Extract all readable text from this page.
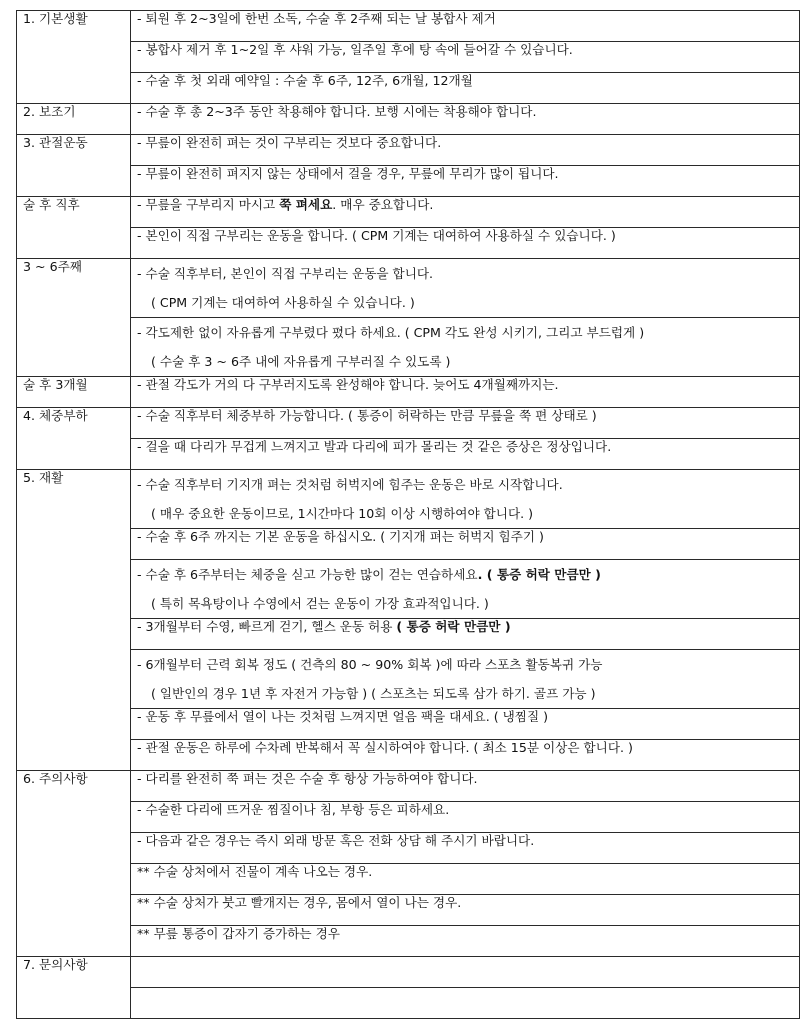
1. 기본생활	- 퇴원 후 2~3일에 한번 소독, 수술 후 2주째 되는 날 봉합사 제거
	- 봉합사 제거 후 1~2일 후 샤워 가능, 일주일 후에 탕 속에 들어갈 수 있습니다.
	- 수술 후 첫 외래 예약일 : 수술 후 6주, 12주, 6개월, 12개월
2. 보조기	- 수술 후 총 2~3주 동안 착용해야 합니다. 보행 시에는 착용해야 합니다.
3. 관절운동	- 무릎이 완전히 펴는 것이 구부리는 것보다 중요합니다.
	- 무릎이 완전히 펴지지 않는 상태에서 걸을 경우, 무릎에 무리가 많이 됩니다.
술 후 직후	- 무릎을 구부리지 마시고 쭉 펴세요. 매우 중요합니다.
	- 본인이 직접 구부리는 운동을 합니다. ( CPM 기계는 대여하여 사용하실 수 있습니다. )
3 ~ 6주째	- 수술 직후부터, 본인이 직접 구부리는 운동을 합니다.
( CPM 기계는 대여하여 사용하실 수 있습니다. )

	- 각도제한 없이 자유롭게 구부렸다 폈다 하세요. ( CPM 각도 완성 시키기, 그리고 부드럽게 )
( 수술 후 3 ~ 6주 내에 자유롭게 구부러질 수 있도록 )

술 후 3개월	- 관절 각도가 거의 다 구부러지도록 완성해야 합니다. 늦어도 4개월째까지는.
4. 체중부하	- 수술 직후부터 체중부하 가능합니다. ( 통증이 허락하는 만큼 무릎을 쭉 편 상태로 )
	- 걸을 때 다리가 무겁게 느껴지고 발과 다리에 피가 몰리는 것 같은 증상은 정상입니다.
5. 재활	- 수술 직후부터 기지개 펴는 것처럼 허벅지에 힘주는 운동은 바로 시작합니다.
( 매우 중요한 운동이므로, 1시간마다 10회 이상 시행하여야 합니다. )

	- 수술 후 6주 까지는 기본 운동을 하십시오. ( 기지개 펴는 허벅지 힘주기 )

	- 수술 후 6주부터는 체중을 싣고 가능한 많이 걷는 연습하세요. ( 통증 허락 만큼만 )
( 특히 목욕탕이나 수영에서 걷는 운동이 가장 효과적입니다. )

	- 3개월부터 수영, 빠르게 걷기, 헬스 운동 허용 ( 통증 허락 만큼만 )

	- 6개월부터 근력 회복 정도 ( 건측의 80 ~ 90% 회복 )에 따라 스포츠 활동복귀 가능
( 일반인의 경우 1년 후 자전거 가능함 ) ( 스포츠는 되도록 삼가 하기. 골프 가능 )

	- 운동 후 무릎에서 열이 나는 것처럼 느껴지면 얼음 팩을 대세요. ( 냉찜질 )
	- 관절 운동은 하루에 수차례 반복해서 꼭 실시하여야 합니다. ( 최소 15분 이상은 합니다. )
6. 주의사항	- 다리를 완전히 쭉 펴는 것은 수술 후 항상 가능하여야 합니다.
	- 수술한 다리에 뜨거운 찜질이나 침, 부항 등은 피하세요.
	- 다음과 같은 경우는 즉시 외래 방문 혹은 전화 상담 해 주시기 바랍니다.
	** 수술 상처에서 진물이 계속 나오는 경우.
	** 수술 상처가 붓고 빨개지는 경우, 몸에서 열이 나는 경우.
	** 무릎 통증이 갑자기 증가하는 경우
7. 문의사항	
